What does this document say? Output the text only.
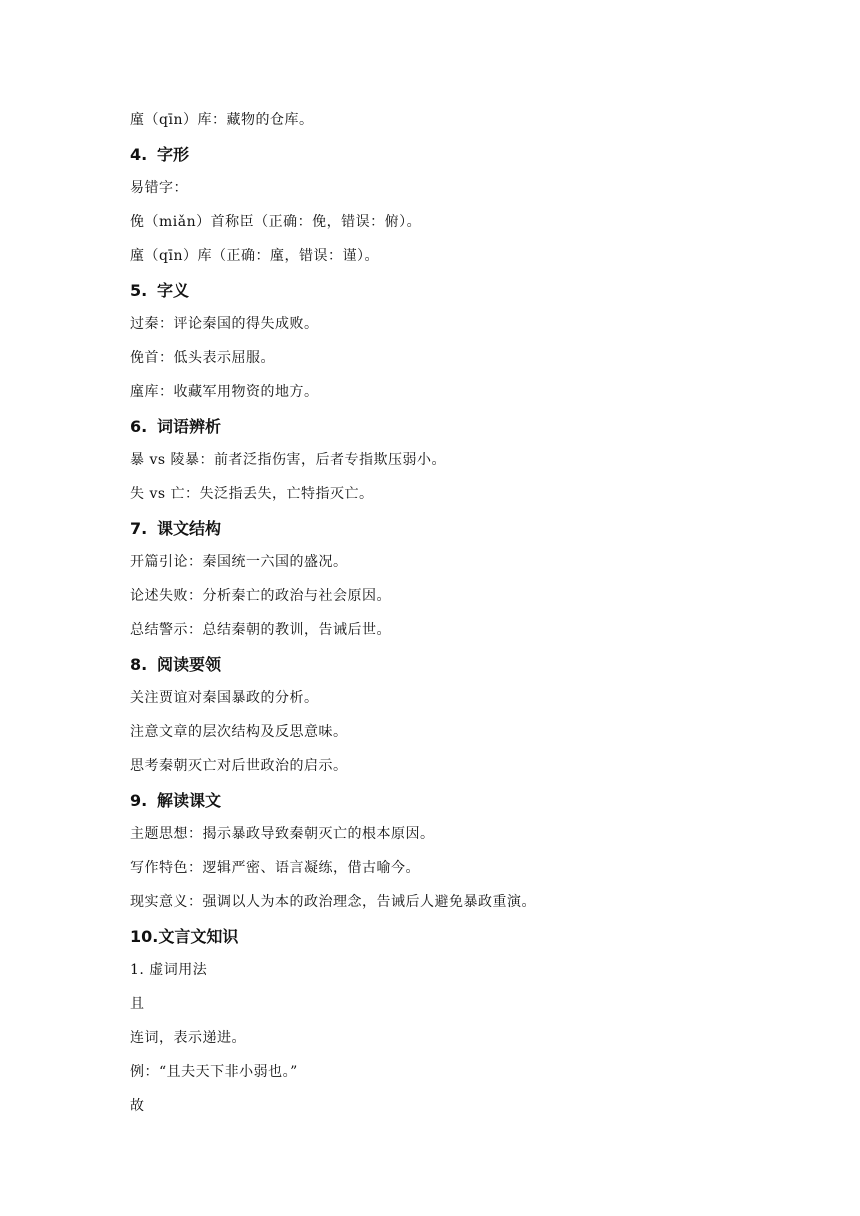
廑（qīn）库：藏物的仓库。
4. 字形
易错字：
俛（miǎn）首称臣（正确：俛，错误：俯）。
廑（qīn）库（正确：廑，错误：谨）。
5. 字义
过秦：评论秦国的得失成败。
俛首：低头表示屈服。
廑库：收藏军用物资的地方。
6. 词语辨析
暴 vs 陵暴：前者泛指伤害，后者专指欺压弱小。
失 vs 亡：失泛指丢失，亡特指灭亡。
7. 课文结构
开篇引论：秦国统一六国的盛况。
论述失败：分析秦亡的政治与社会原因。
总结警示：总结秦朝的教训，告诫后世。
8. 阅读要领
关注贾谊对秦国暴政的分析。
注意文章的层次结构及反思意味。
思考秦朝灭亡对后世政治的启示。
9. 解读课文
主题思想：揭示暴政导致秦朝灭亡的根本原因。
写作特色：逻辑严密、语言凝练，借古喻今。
现实意义：强调以人为本的政治理念，告诫后人避免暴政重演。
10.文言文知识
1. 虚词用法
且
连词，表示递进。
例：“且夫天下非小弱也。”
故
